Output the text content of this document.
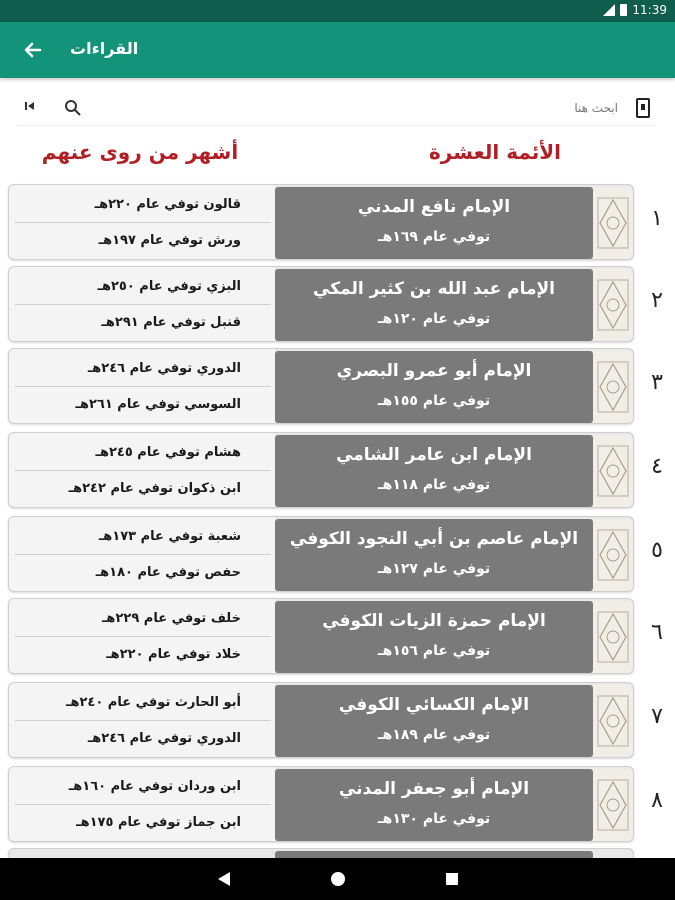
11:39
القراءات
ابحث هنا
أشهر من روى عنهم	الأئمة العشرة
قالون توفي عام ٢٢٠هـ
ورش توفي عام ١٩٧هـ
الإمام نافع المدني
توفي عام ١٦٩هـ
١
البزي توفي عام ٢٥٠هـ
قنبل توفي عام ٢٩١هـ
الإمام عبد الله بن كثير المكي
توفي عام ١٢٠هـ
٢
الدوري توفي عام ٢٤٦هـ
السوسي توفي عام ٢٦١هـ
الإمام أبو عمرو البصري
توفي عام ١٥٥هـ
٣
هشام توفي عام ٢٤٥هـ
ابن ذكوان توفي عام ٢٤٢هـ
الإمام ابن عامر الشامي
توفي عام ١١٨هـ
٤
شعبة توفي عام ١٧٣هـ
حفص توفي عام ١٨٠هـ
الإمام عاصم بن أبي النجود الكوفي
توفي عام ١٢٧هـ
٥
خلف توفي عام ٢٢٩هـ
خلاد توفي عام ٢٢٠هـ
الإمام حمزة الزيات الكوفي
توفي عام ١٥٦هـ
٦
أبو الحارث توفي عام ٢٤٠هـ
الدوري توفي عام ٢٤٦هـ
الإمام الكسائي الكوفي
توفي عام ١٨٩هـ
٧
ابن وردان توفي عام ١٦٠هـ
ابن جماز توفي عام ١٧٥هـ
الإمام أبو جعفر المدني
توفي عام ١٣٠هـ
٨
